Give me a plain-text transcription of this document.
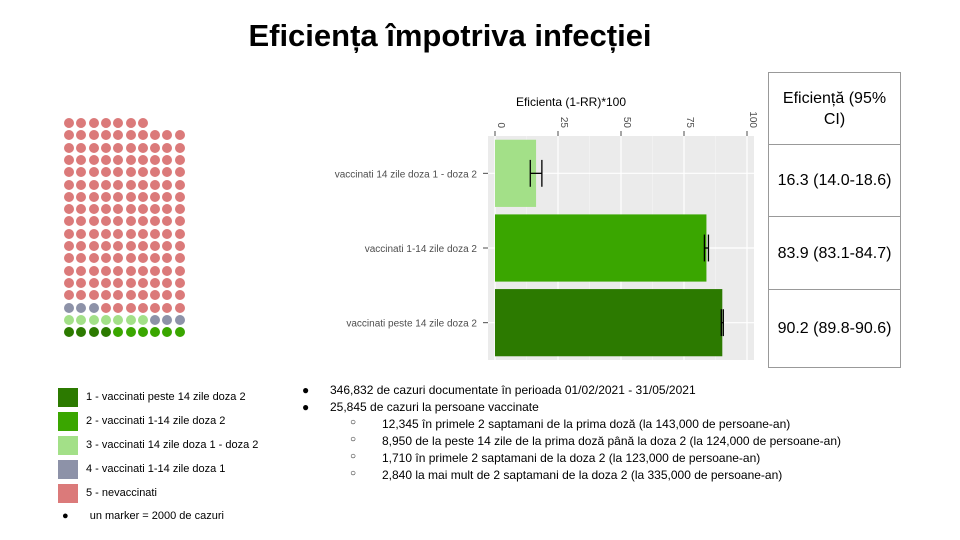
Eficiența împotriva infecției
1 - vaccinati peste 14 zile doza 2
2 - vaccinati 1-14 zile doza 2
3 - vaccinati 14 zile doza 1 - doza 2
4 - vaccinati 1-14 zile doza 1
5 - nevaccinati
● un marker = 2000 de cazuri
Eficienta (1-RR)*100
0	25	50	75	100
vaccinati 14 zile doza 1 - doza 2
vaccinati 1-14 zile doza 2
vaccinati peste 14 zile doza 2
Eficiență (95% CI)
16.3 (14.0-18.6)
83.9 (83.1-84.7)
90.2 (89.8-90.6)
● 346,832 de cazuri documentate în perioada 01/02/2021 - 31/05/2021
● 25,845 de cazuri la persoane vaccinate
○ 12,345 în primele 2 saptamani de la prima doză (la 143,000 de persoane-an)
○ 8,950 de la peste 14 zile de la prima doză până la doza 2 (la 124,000 de persoane-an)
○ 1,710 în primele 2 saptamani de la doza 2 (la 123,000 de persoane-an)
○ 2,840 la mai mult de 2 saptamani de la doza 2 (la 335,000 de persoane-an)
